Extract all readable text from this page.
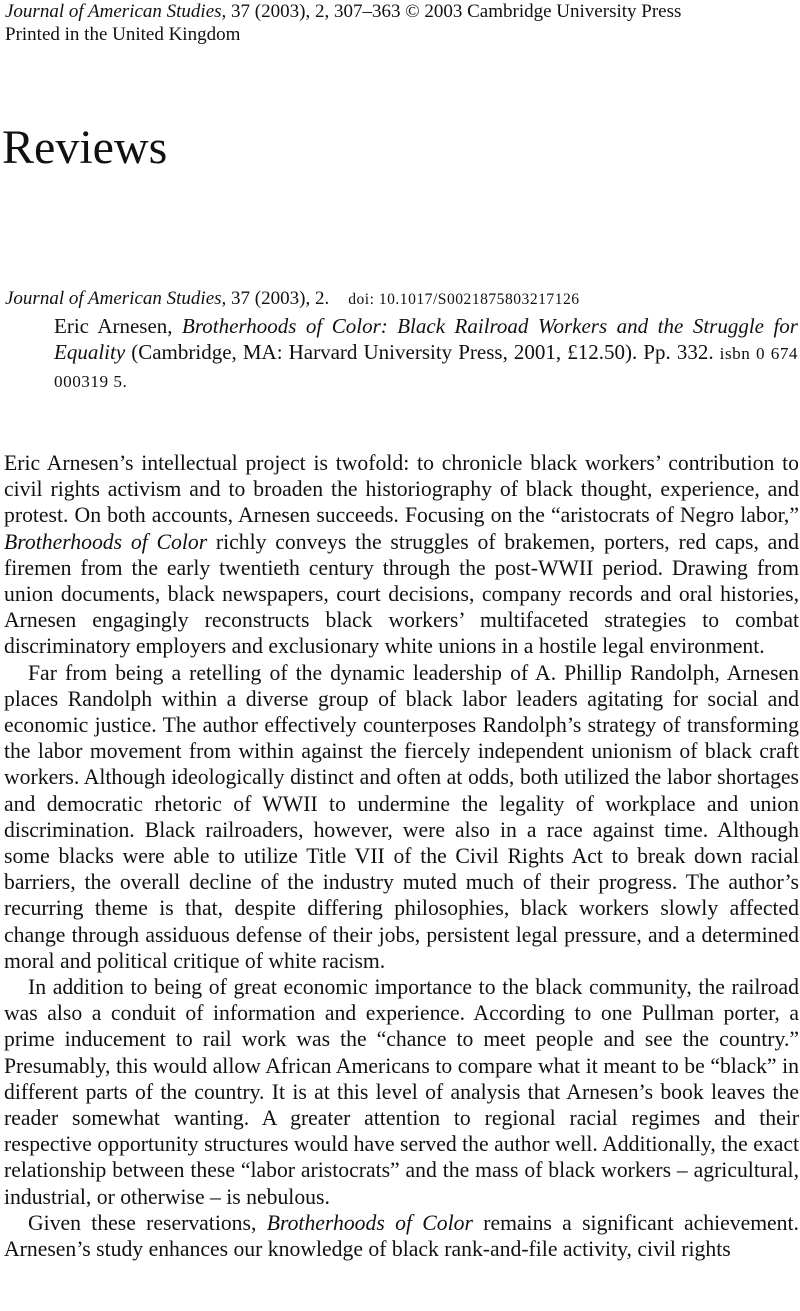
Journal of American Studies, 37 (2003), 2, 307–363 © 2003 Cambridge University Press
Printed in the United Kingdom
Reviews
Journal of American Studies, 37 (2003), 2. doi: 10.1017/S0021875803217126

Eric Arnesen, Brotherhoods of Color: Black Railroad Workers and the Struggle for Equality (Cambridge, MA: Harvard University Press, 2001, £12.50). Pp. 332. isbn 0 674 000319 5.

Eric Arnesen’s intellectual project is twofold: to chronicle black workers’ contribution to civil rights activism and to broaden the historiography of black thought, experience, and protest. On both accounts, Arnesen succeeds. Focusing on the “aristocrats of Negro labor,” Brotherhoods of Color richly conveys the struggles of brakemen, porters, red caps, and firemen from the early twentieth century through the post-WWII period. Drawing from union documents, black newspapers, court decisions, company records and oral histories, Arnesen engagingly reconstructs black workers’ multifaceted strategies to combat discriminatory employers and exclusionary white unions in a hostile legal environment.

Far from being a retelling of the dynamic leadership of A. Phillip Randolph, Arnesen places Randolph within a diverse group of black labor leaders agitating for social and economic justice. The author effectively counterposes Randolph’s strategy of transforming the labor movement from within against the fiercely independent unionism of black craft workers. Although ideologically distinct and often at odds, both utilized the labor shortages and democratic rhetoric of WWII to undermine the legality of workplace and union discrimination. Black railroaders, however, were also in a race against time. Although some blacks were able to utilize Title VII of the Civil Rights Act to break down racial barriers, the overall decline of the industry muted much of their progress. The author’s recurring theme is that, despite differing philosophies, black workers slowly affected change through assiduous defense of their jobs, persistent legal pressure, and a determined moral and political critique of white racism.

In addition to being of great economic importance to the black community, the railroad was also a conduit of information and experience. According to one Pullman porter, a prime inducement to rail work was the “chance to meet people and see the country.” Presumably, this would allow African Americans to compare what it meant to be “black” in different parts of the country. It is at this level of analysis that Arnesen’s book leaves the reader somewhat wanting. A greater attention to regional racial regimes and their respective opportunity structures would have served the author well. Additionally, the exact relationship between these “labor aristocrats” and the mass of black workers – agricultural, industrial, or otherwise – is nebulous.

Given these reservations, Brotherhoods of Color remains a significant achievement. Arnesen’s study enhances our knowledge of black rank-and-file activity, civil rights
